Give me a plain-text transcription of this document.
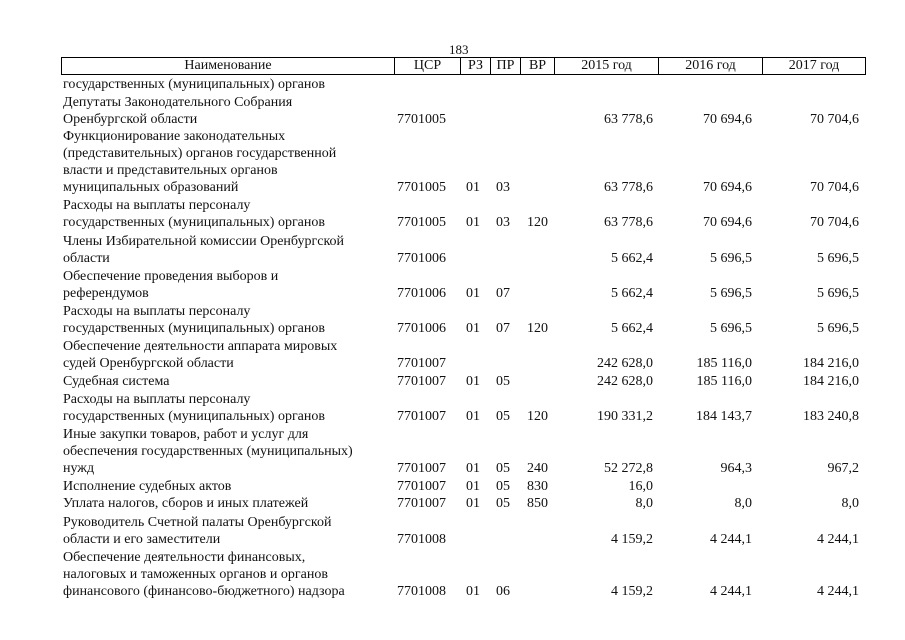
183
Наименование	ЦСР	РЗ ПР	ВР	2015 год	2016 год	2017 год
государственных (муниципальных) органов
Депутаты Законодательного Собрания
Оренбургской области	7701005	63 778,6	70 694,6	70 704,6
Функционирование законодательных
(представительных) органов государственной
власти и представительных органов
муниципальных образований	7701005 01 03	63 778,6	70 694,6	70 704,6
Расходы на выплаты персоналу
государственных (муниципальных) органов	7701005 01 03 120	63 778,6	70 694,6	70 704,6
Члены Избирательной комиссии Оренбургской
области	7701006	5 662,4	5 696,5	5 696,5
Обеспечение проведения выборов и
референдумов	7701006 01 07	5 662,4	5 696,5	5 696,5
Расходы на выплаты персоналу
государственных (муниципальных) органов	7701006 01 07 120	5 662,4	5 696,5	5 696,5
Обеспечение деятельности аппарата мировых
судей Оренбургской области	7701007	242 628,0	185 116,0	184 216,0
Судебная система	7701007 01 05	242 628,0	185 116,0	184 216,0
Расходы на выплаты персоналу
государственных (муниципальных) органов	7701007 01 05 120	190 331,2	184 143,7	183 240,8
Иные закупки товаров, работ и услуг для
обеспечения государственных (муниципальных)
нужд	7701007 01 05 240	52 272,8	964,3	967,2
Исполнение судебных актов	7701007 01 05 830	16,0
Уплата налогов, сборов и иных платежей	7701007 01 05 850	8,0	8,0	8,0
Руководитель Счетной палаты Оренбургской
области и его заместители	7701008	4 159,2	4 244,1	4 244,1
Обеспечение деятельности финансовых,
налоговых и таможенных органов и органов
финансового (финансово-бюджетного) надзора	7701008 01 06	4 159,2	4 244,1	4 244,1
